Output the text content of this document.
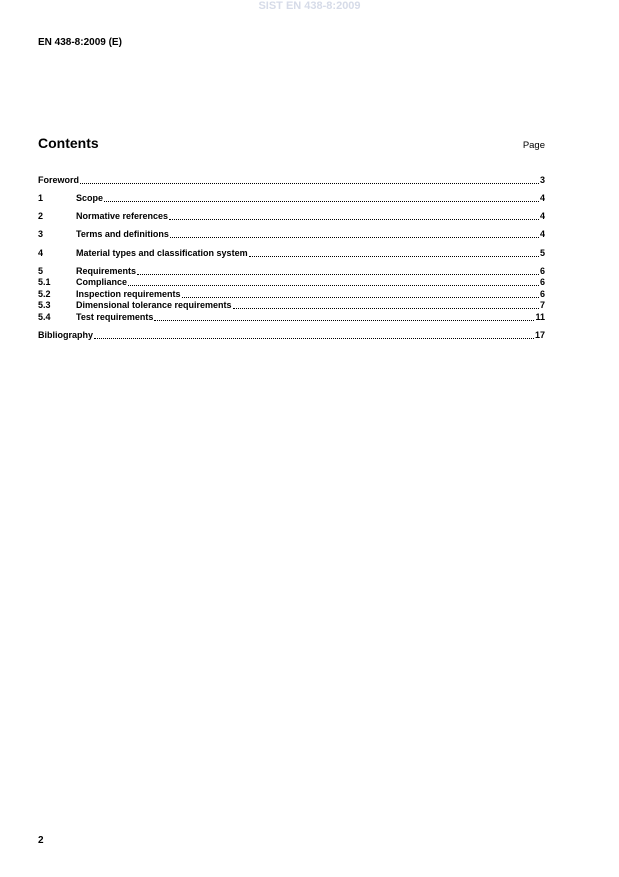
SIST EN 438-8:2009
EN 438-8:2009 (E)
Contents	Page
Foreword	3
1	Scope	4
2	Normative references	4
3	Terms and definitions	4
4	Material types and classification system	5
5	Requirements	6
5.1	Compliance	6
5.2	Inspection requirements	6
5.3	Dimensional tolerance requirements	7
5.4	Test requirements	11
Bibliography	17
2
